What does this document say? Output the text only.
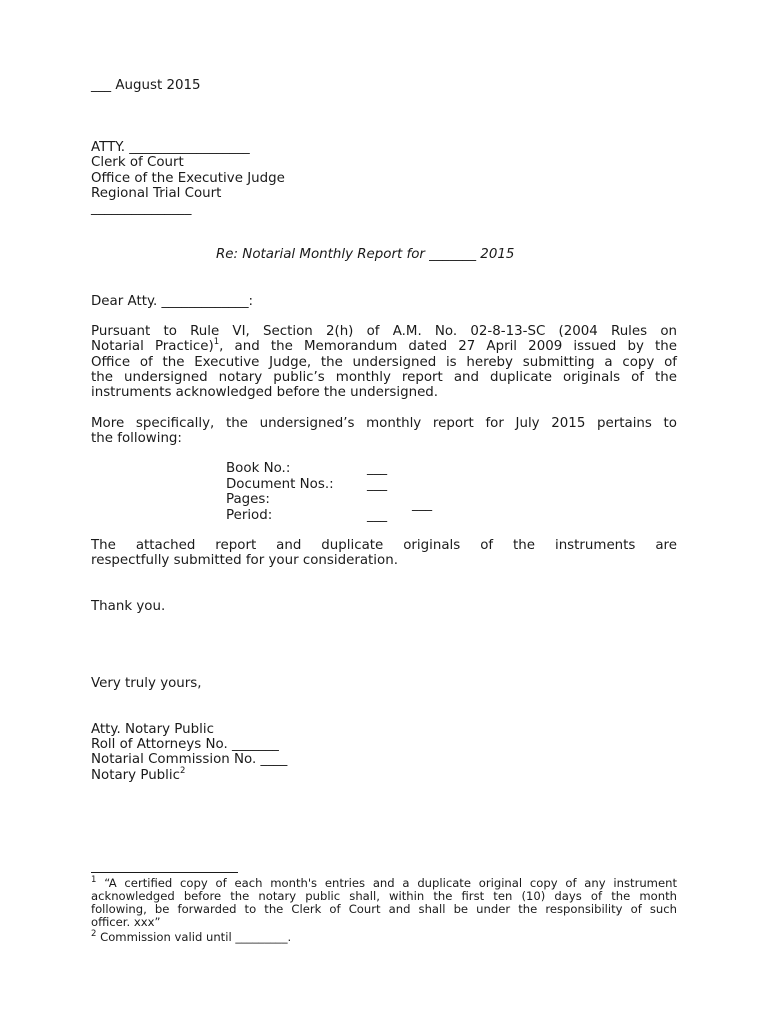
___ August 2015
ATTY. __________________
Clerk of Court
Office of the Executive Judge
Regional Trial Court
_______________
Re: Notarial Monthly Report for _______ 2015
Dear Atty. _____________:
Pursuant to Rule VI, Section 2(h) of A.M. No. 02-8-13-SC (2004 Rules on
Notarial Practice)$^1$, and the Memorandum dated 27 April 2009 issued by the
Office of the Executive Judge, the undersigned is hereby submitting a copy of
the undersigned notary public’s monthly report and duplicate originals of the
instruments acknowledged before the undersigned.
More specifically, the undersigned’s monthly report for July 2015 pertains to
the following:
Book No.:	___
Document Nos.: ___
Pages:	___
Period:	___
The attached report and duplicate originals of the instruments are
respectfully submitted for your consideration.
Thank you.
Very truly yours,
Atty. Notary Public
Roll of Attorneys No. _______
Notarial Commission No. ____
Notary Public$^2$
$^1$ “A certified copy of each month's entries and a duplicate original copy of any instrument
acknowledged before the notary public shall, within the first ten (10) days of the month
following, be forwarded to the Clerk of Court and shall be under the responsibility of such
officer. xxx”
$^2$ Commission valid until _________.
